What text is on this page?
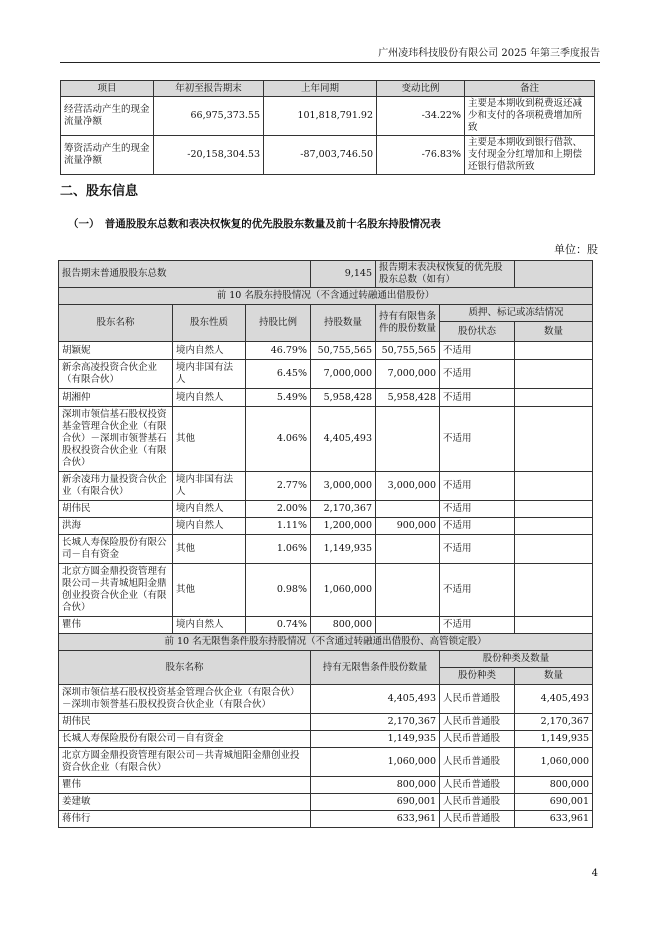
广州凌玮科技股份有限公司 2025 年第三季度报告
项目	年初至报告期末	上年同期	变动比例	备注
经营活动产生的现金流量净额	66,975,373.55	101,818,791.92	-34.22%	主要是本期收到税费返还减少和支付的各项税费增加所致
筹资活动产生的现金流量净额	-20,158,304.53	-87,003,746.50	-76.83%	主要是本期收到银行借款、支付现金分红增加和上期偿还银行借款所致
二、股东信息
（一）　普通股股东总数和表决权恢复的优先股股东数量及前十名股东持股情况表
单位：股
报告期末普通股股东总数			9,145	报告期末表决权恢复的优先股股东总数（如有）		
前 10 名股东持股情况（不含通过转融通出借股份）						
股东名称	股东性质	持股比例	持股数量	持有有限售条件的股份数量	质押、标记或冻结情况	
					股份状态	数量
胡颖妮	境内自然人	46.79%	50,755,565	50,755,565	不适用	
新余高凌投资合伙企业（有限合伙）	境内非国有法人	6.45%	7,000,000	7,000,000	不适用	
胡湘仲	境内自然人	5.49%	5,958,428	5,958,428	不适用	
深圳市领信基石股权投资基金管理合伙企业（有限合伙）－深圳市领誉基石股权投资合伙企业（有限合伙）	其他	4.06%	4,405,493		不适用	
新余凌玮力量投资合伙企业（有限合伙）	境内非国有法人	2.77%	3,000,000	3,000,000	不适用	
胡伟民	境内自然人	2.00%	2,170,367		不适用	
洪海	境内自然人	1.11%	1,200,000	900,000	不适用	
长城人寿保险股份有限公司－自有资金	其他	1.06%	1,149,935		不适用	
北京方圆金鼎投资管理有限公司－共青城旭阳金鼎创业投资合伙企业（有限合伙）	其他	0.98%	1,060,000		不适用	
瞿伟	境内自然人	0.74%	800,000		不适用	
前 10 名无限售条件股东持股情况（不含通过转融通出借股份、高管锁定股）						
股东名称			持有无限售条件股份数量		股份种类及数量	
					股份种类	数量
深圳市领信基石股权投资基金管理合伙企业（有限合伙）－深圳市领誉基石股权投资合伙企业（有限合伙）			4,405,493		人民币普通股	4,405,493
胡伟民			2,170,367		人民币普通股	2,170,367
长城人寿保险股份有限公司－自有资金			1,149,935		人民币普通股	1,149,935
北京方圆金鼎投资管理有限公司－共青城旭阳金鼎创业投资合伙企业（有限合伙）			1,060,000		人民币普通股	1,060,000
瞿伟			800,000		人民币普通股	800,000
姜建敏			690,001		人民币普通股	690,001
蒋伟行			633,961		人民币普通股	633,961
4
